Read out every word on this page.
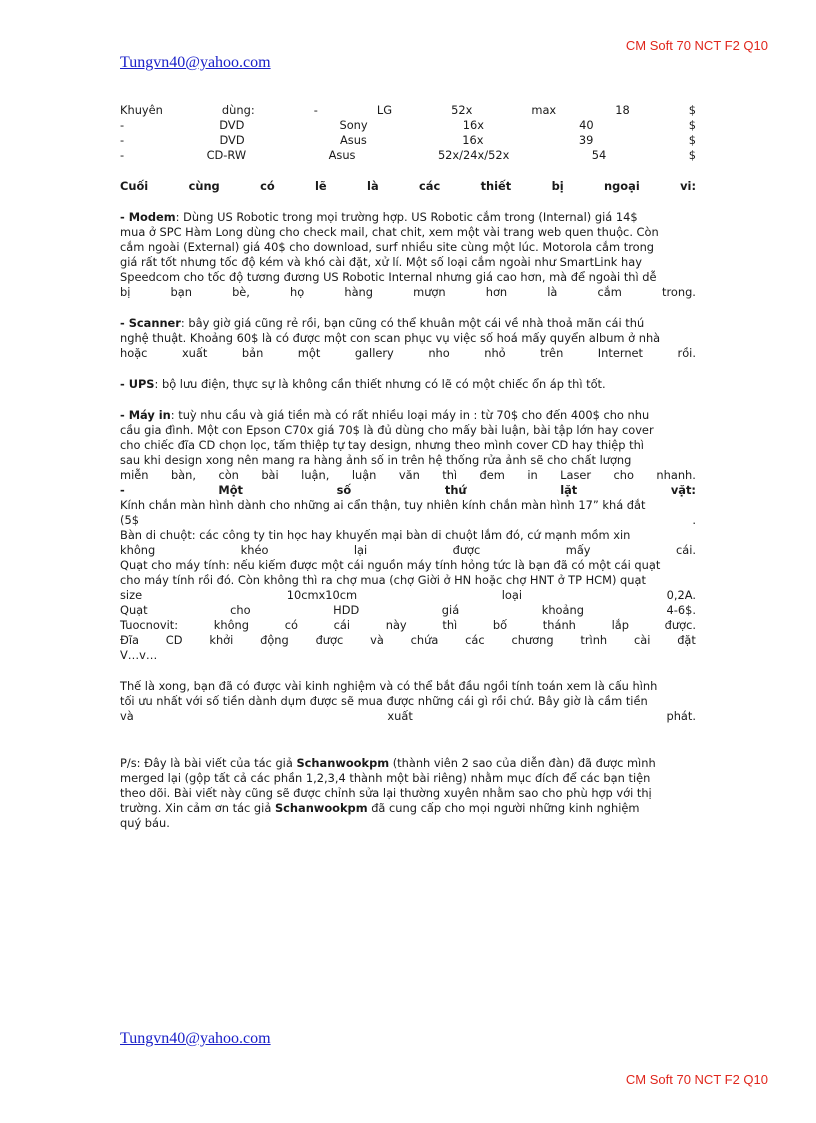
CM Soft 70 NCT F2 Q10
Tungvn40@yahoo.com
Khuyên	dùng:	-	LG	52x	max	18	$
-	DVD	Sony	16x	40	$
-	DVD	Asus	16x	39	$
-	CD-RW	Asus	52x/24x/52x	54	$
Cuối	cùng	có	lẽ	là	các	thiết	bị	ngoại	vi:
- Modem: Dùng US Robotic trong mọi trường hợp. US Robotic cắm trong (Internal) giá 14$
mua ở SPC Hàm Long dùng cho check mail, chat chit, xem một vài trang web quen thuộc. Còn
cắm ngoài (External) giá 40$ cho download, surf nhiều site cùng một lúc. Motorola cắm trong
giá rất tốt nhưng tốc độ kém và khó cài đặt, xử lí. Một số loại cắm ngoài như SmartLink hay
Speedcom cho tốc độ tương đương US Robotic Internal nhưng giá cao hơn, mà để ngoài thì dễ
bị	bạn	bè,	họ	hàng	mượn	hơn	là	cắm	trong.
- Scanner: bây giờ giá cũng rẻ rồi, bạn cũng có thể khuân một cái về nhà thoả mãn cái thú
nghệ thuật. Khoảng 60$ là có được một con scan phục vụ việc số hoá mấy quyển album ở nhà
hoặc	xuất	bản	một	gallery	nho	nhỏ	trên	Internet	rồi.
- UPS: bộ lưu điện, thực sự là không cần thiết nhưng có lẽ có một chiếc ổn áp thì tốt.
- Máy in: tuỳ nhu cầu và giá tiền mà có rất nhiều loại máy in : từ 70$ cho đến 400$ cho nhu
cầu gia đình. Một con Epson C70x giá 70$ là đủ dùng cho mấy bài luận, bài tập lớn hay cover
cho chiếc đĩa CD chọn lọc, tấm thiệp tự tay design, nhưng theo mình cover CD hay thiệp thì
sau khi design xong nên mang ra hàng ảnh số in trên hệ thống rửa ảnh sẽ cho chất lượng
miễn bàn, còn bài luận, luận văn thì đem in Laser cho nhanh.
-	Một	số	thứ	lặt	vặt:
Kính chắn màn hình dành cho những ai cẩn thận, tuy nhiên kính chắn màn hình 17” khá đắt
(5$	.
Bàn di chuột: các công ty tin học hay khuyến mại bàn di chuột lắm đó, cứ mạnh mồm xin
không	khéo	lại	được	mấy	cái.
Quạt cho máy tính: nếu kiếm được một cái nguồn máy tính hỏng tức là bạn đã có một cái quạt
cho máy tính rồi đó. Còn không thì ra chợ mua (chợ Giời ở HN hoặc chợ HNT ở TP HCM) quạt
size	10cmx10cm	loại	0,2A.
Quạt	cho	HDD	giá	khoảng	4-6$.
Tuocnovit:	không	có	cái	này	thì	bố	thánh	lắp	được.
Đĩa CD khởi động được và chứa các chương trình cài đặt
V…v…
Thế là xong, bạn đã có được vài kinh nghiệm và có thể bắt đầu ngồi tính toán xem là cấu hình
tối ưu nhất với số tiền dành dụm được sẽ mua được những cái gì rồi chứ. Bây giờ là cầm tiền
và	xuất	phát.
P/s: Đây là bài viết của tác giả Schanwookpm (thành viên 2 sao của diễn đàn) đã được mình
merged lại (gộp tất cả các phần 1,2,3,4 thành một bài riêng) nhằm mục đích để các bạn tiện
theo dõi. Bài viết này cũng sẽ được chỉnh sửa lại thường xuyên nhằm sao cho phù hợp với thị
trường. Xin cảm ơn tác giả Schanwookpm đã cung cấp cho mọi người những kinh nghiệm
quý báu.
Tungvn40@yahoo.com
CM Soft 70 NCT F2 Q10
